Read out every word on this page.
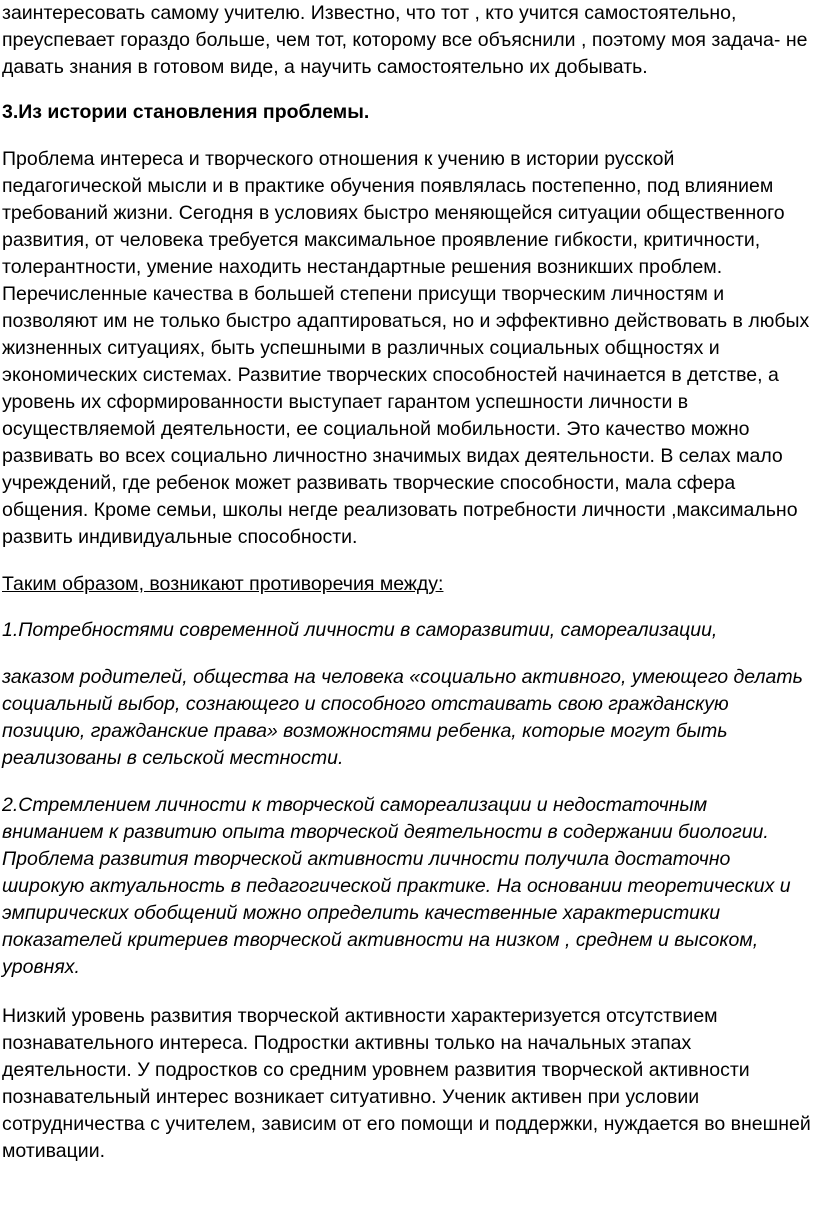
заинтересовать самому учителю. Известно, что тот , кто учится самостоятельно, преуспевает гораздо больше, чем тот, которому все объяснили , поэтому моя задача- не давать знания в готовом виде, а научить самостоятельно их добывать.

3.Из истории становления проблемы.

Проблема интереса и творческого отношения к учению в истории русской педагогической мысли и в практике обучения появлялась постепенно, под влиянием требований жизни. Сегодня в условиях быстро меняющейся ситуации общественного развития, от человека требуется максимальное проявление гибкости, критичности, толерантности, умение находить нестандартные решения возникших проблем. Перечисленные качества в большей степени присущи творческим личностям и позволяют им не только быстро адаптироваться, но и эффективно действовать в любых жизненных ситуациях, быть успешными в различных социальных общностях и экономических системах. Развитие творческих способностей начинается в детстве, а уровень их сформированности выступает гарантом успешности личности в осуществляемой деятельности, ее социальной мобильности. Это качество можно развивать во всех социально личностно значимых видах деятельности. В селах мало учреждений, где ребенок может развивать творческие способности, мала сфера общения. Кроме семьи, школы негде реализовать потребности личности ,максимально развить индивидуальные способности.

Таким образом, возникают противоречия между:

1.Потребностями современной личности в саморазвитии, самореализации,

заказом родителей, общества на человека «социально активного, умеющего делать социальный выбор, сознающего и способного отстаивать свою гражданскую позицию, гражданские права» возможностями ребенка, которые могут быть реализованы в сельской местности.

2.Стремлением личности к творческой самореализации и недостаточным вниманием к развитию опыта творческой деятельности в содержании биологии. Проблема развития творческой активности личности получила достаточно широкую актуальность в педагогической практике. На основании теоретических и эмпирических обобщений можно определить качественные характеристики показателей критериев творческой активности на низком , среднем и высоком, уровнях.

Низкий уровень развития творческой активности характеризуется отсутствием познавательного интереса. Подростки активны только на начальных этапах деятельности. У подростков со средним уровнем развития творческой активности познавательный интерес возникает ситуативно. Ученик активен при условии сотрудничества с учителем, зависим от его помощи и поддержки, нуждается во внешней мотивации.
